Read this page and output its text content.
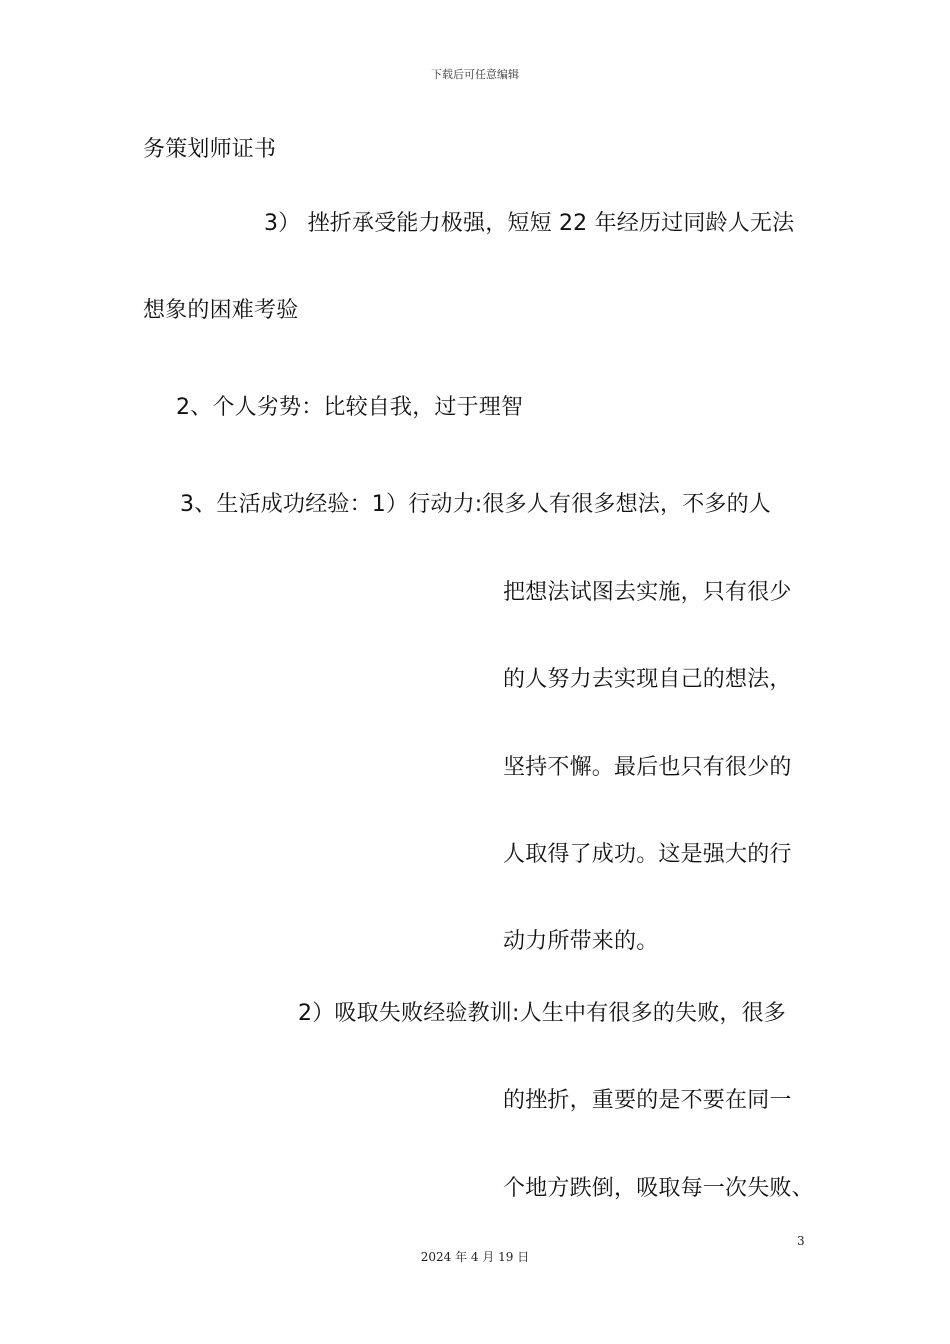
下载后可任意编辑
务策划师证书
3） 挫折承受能力极强，短短 22 年经历过同龄人无法
想象的困难考验
2、个人劣势：比较自我，过于理智
3、生活成功经验：1）行动力:很多人有很多想法，不多的人
把想法试图去实施，只有很少
的人努力去实现自己的想法，
坚持不懈。最后也只有很少的
人取得了成功。这是强大的行
动力所带来的。
2）吸取失败经验教训:人生中有很多的失败，很多
的挫折，重要的是不要在同一
个地方跌倒，吸取每一次失败、
3
2024 年 4 月 19 日
